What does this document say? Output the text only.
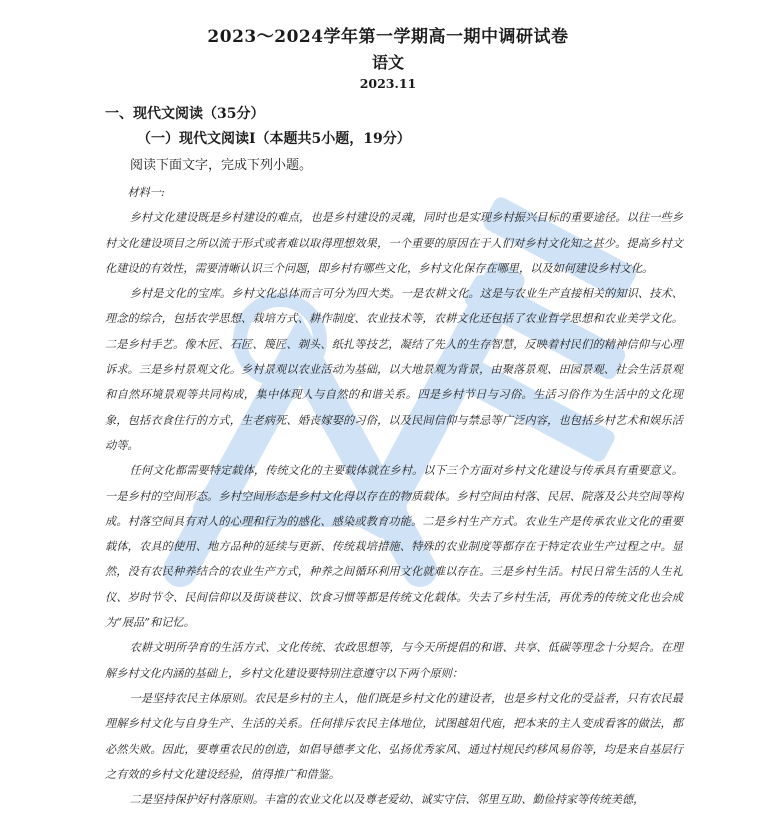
2023～2024学年第一学期高一期中调研试卷
语文
2023.11
一、现代文阅读（35分）
（一）现代文阅读Ⅰ（本题共5小题，19分）
阅读下面文字，完成下列小题。

材料一:

乡村文化建设既是乡村建设的难点，也是乡村建设的灵魂，同时也是实现乡村振兴目标的重要途径。以往一些乡村文化建设项目之所以流于形式或者难以取得理想效果，一个重要的原因在于人们对乡村文化知之甚少。提高乡村文化建设的有效性，需要清晰认识三个问题，即乡村有哪些文化，乡村文化保存在哪里，以及如何建设乡村文化。

乡村是文化的宝库。乡村文化总体而言可分为四大类。一是农耕文化。这是与农业生产直接相关的知识、技术、理念的综合，包括农学思想、栽培方式、耕作制度、农业技术等，农耕文化还包括了农业哲学思想和农业美学文化。二是乡村手艺。像木匠、石匠、篾匠、剃头、纸扎等技艺，凝结了先人的生存智慧，反映着村民们的精神信仰与心理诉求。三是乡村景观文化。乡村景观以农业活动为基础，以大地景观为背景，由聚落景观、田园景观、社会生活景观和自然环境景观等共同构成，集中体现人与自然的和谐关系。四是乡村节日与习俗。生活习俗作为生活中的文化现象，包括衣食住行的方式，生老病死、婚丧嫁娶的习俗，以及民间信仰与禁忌等广泛内容，也包括乡村艺术和娱乐活动等。

任何文化都需要特定载体，传统文化的主要载体就在乡村。以下三个方面对乡村文化建设与传承具有重要意义。一是乡村的空间形态。乡村空间形态是乡村文化得以存在的物质载体。乡村空间由村落、民居、院落及公共空间等构成。村落空间具有对人的心理和行为的感化、感染或教育功能。二是乡村生产方式。农业生产是传承农业文化的重要载体，农具的使用、地方品种的延续与更新、传统栽培措施、特殊的农业制度等都存在于特定农业生产过程之中。显然，没有农民种养结合的农业生产方式，种养之间循环利用文化就难以存在。三是乡村生活。村民日常生活的人生礼仪、岁时节令、民间信仰以及街谈巷议、饮食习惯等都是传统文化载体。失去了乡村生活，再优秀的传统文化也会成为“展品”和记忆。

农耕文明所孕育的生活方式、文化传统、农政思想等，与今天所提倡的和谐、共享、低碳等理念十分契合。在理解乡村文化内涵的基础上，乡村文化建设要特别注意遵守以下两个原则：

一是坚持农民主体原则。农民是乡村的主人，他们既是乡村文化的建设者，也是乡村文化的受益者，只有农民最理解乡村文化与自身生产、生活的关系。任何排斥农民主体地位，试图越俎代庖，把本来的主人变成看客的做法，都必然失败。因此，要尊重农民的创造，如倡导德孝文化、弘扬优秀家风、通过村规民约移风易俗等，均是来自基层行之有效的乡村文化建设经验，值得推广和借鉴。

二是坚持保护好村落原则。丰富的农业文化以及尊老爱幼、诚实守信、邻里互助、勤俭持家等传统美德，
